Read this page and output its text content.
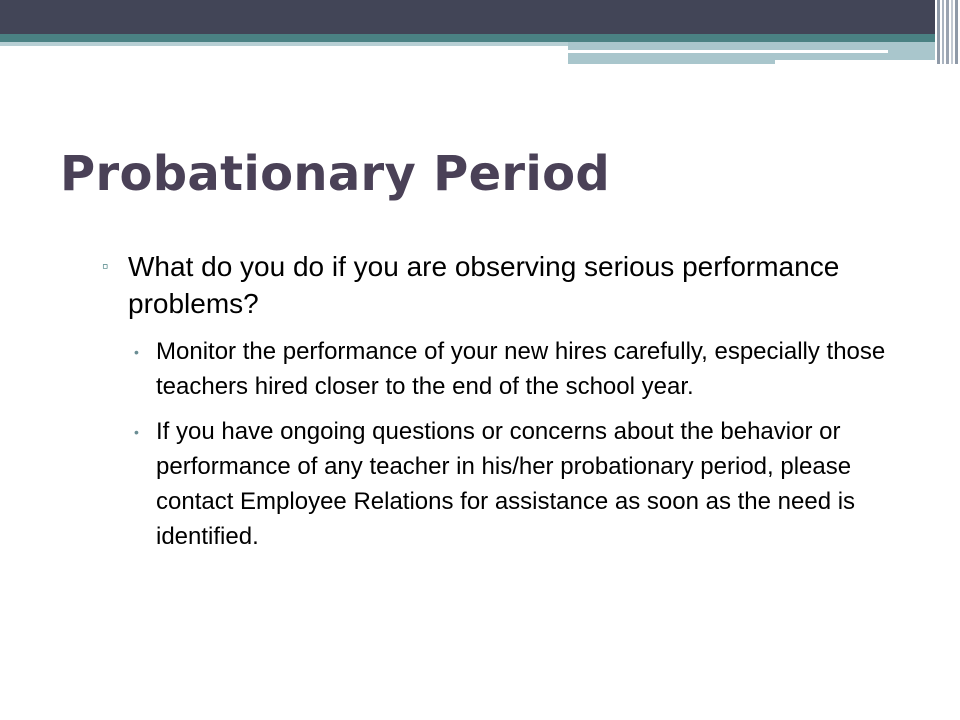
Probationary Period
▫ What do you do if you are observing serious performance problems?
• Monitor the performance of your new hires carefully, especially those teachers hired closer to the end of the school year.
• If you have ongoing questions or concerns about the behavior or performance of any teacher in his/her probationary period, please contact Employee Relations for assistance as soon as the need is identified.
